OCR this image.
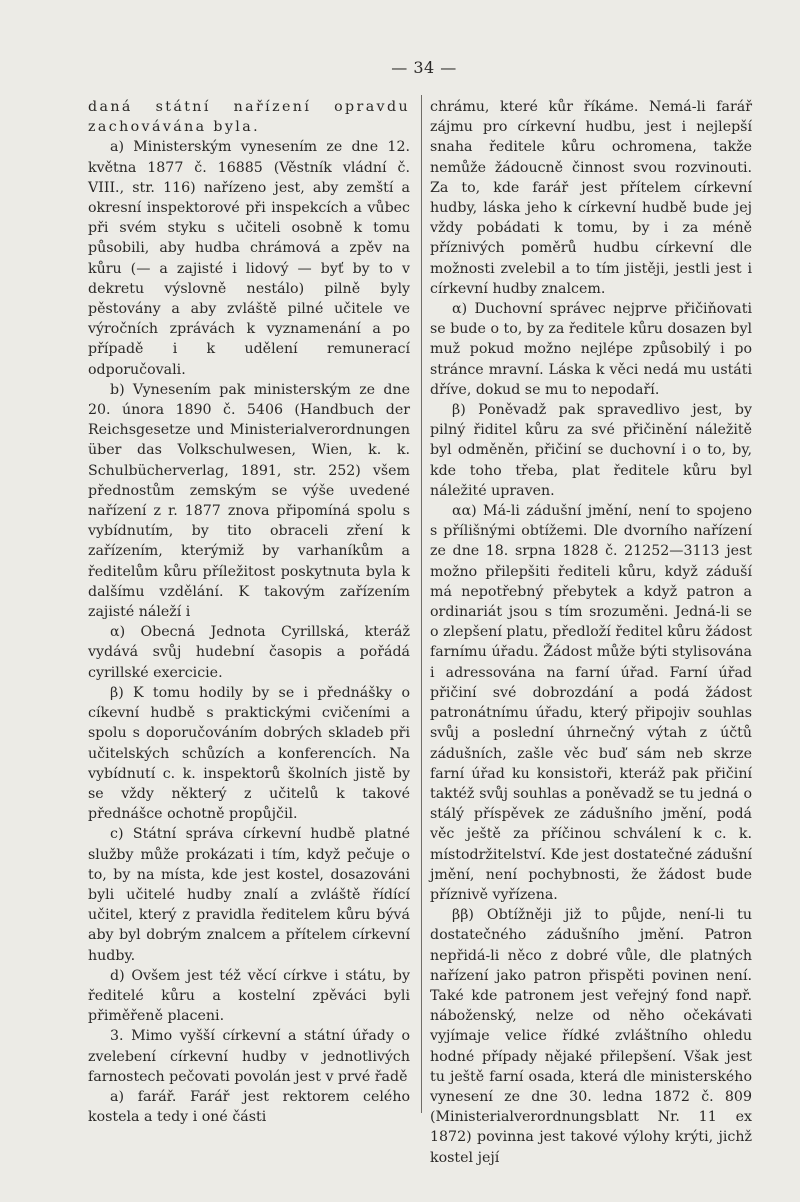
— 34 —

daná státní nařízení opravdu zachovávána byla.

a) Ministerským vynesením ze dne 12. května 1877 č. 16885 (Věstník vládní č. VIII., str. 116) nařízeno jest, aby zemští a okresní inspektorové při inspekcích a vůbec při svém styku s učiteli osobně k tomu působili, aby hudba chrámová a zpěv na kůru (— a zajisté i lidový — byť by to v dekretu výslovně nestálo) pilně byly pěstovány a aby zvláště pilné učitele ve výročních zprávách k vyznamenání a po případě i k udělení remunerací odporučovali.

b) Vynesením pak ministerským ze dne 20. února 1890 č. 5406 (Handbuch der Reichsgesetze und Ministerialverordnungen über das Volkschulwesen, Wien, k. k. Schulbücherverlag, 1891, str. 252) všem přednostům zemským se výše uvedené nařízení z r. 1877 znova připomíná spolu s vybídnutím, by tito obraceli zření k zařízením, kterýmiž by varhaníkům a ředitelům kůru příležitost poskytnuta byla k dalšímu vzdělání. K takovým zařízením zajisté náleží i

α) Obecná Jednota Cyrillská, kteráž vydává svůj hudební časopis a pořádá cyrillské exercicie.

β) K tomu hodily by se i přednášky o cíkevní hudbě s praktickými cvičeními a spolu s doporučováním dobrých skladeb při učitelských schůzích a konferencích. Na vybídnutí c. k. inspektorů školních jistě by se vždy některý z učitelů k takové přednášce ochotně propůjčil.

c) Státní správa církevní hudbě platné služby může prokázati i tím, když pečuje o to, by na místa, kde jest kostel, dosazováni byli učitelé hudby znalí a zvláště řídící učitel, který z pravidla ředitelem kůru bývá aby byl dobrým znalcem a přítelem církevní hudby.

d) Ovšem jest též věcí církve i státu, by ředitelé kůru a kostelní zpěváci byli přiměřeně placeni.

3. Mimo vyšší církevní a státní úřady o zvelebení církevní hudby v jednotlivých farnostech pečovati povolán jest v prvé řadě

a) farář. Farář jest rektorem celého kostela a tedy i oné části

chrámu, které kůr říkáme. Nemá-li farář zájmu pro církevní hudbu, jest i nejlepší snaha ředitele kůru ochromena, takže nemůže žádoucně činnost svou rozvinouti. Za to, kde farář jest přítelem církevní hudby, láska jeho k církevní hudbě bude jej vždy pobádati k tomu, by i za méně příznivých poměrů hudbu církevní dle možnosti zvelebil a to tím jistěji, jestli jest i církevní hudby znalcem.

α) Duchovní správec nejprve přičiňovati se bude o to, by za ředitele kůru dosazen byl muž pokud možno nejlépe způsobilý i po stránce mravní. Láska k věci nedá mu ustáti dříve, dokud se mu to nepodaří.

β) Poněvadž pak spravedlivo jest, by pilný řiditel kůru za své přičinění náležitě byl odměněn, přičiní se duchovní i o to, by, kde toho třeba, plat ředitele kůru byl náležité upraven.

αα) Má-li zádušní jmění, není to spojeno s přílišnými obtížemi. Dle dvorního nařízení ze dne 18. srpna 1828 č. 21252—3113 jest možno přilepšiti řediteli kůru, když záduší má nepotřebný přebytek a když patron a ordinariát jsou s tím srozuměni. Jedná-li se o zlepšení platu, předloží ředitel kůru žádost farnímu úřadu. Žádost může býti stylisována i adressována na farní úřad. Farní úřad přičiní své dobrozdání a podá žádost patronátnímu úřadu, který připojiv souhlas svůj a poslední úhrnečný výtah z účtů zádušních, zašle věc buď sám neb skrze farní úřad ku konsistoři, kteráž pak přičiní taktéž svůj souhlas a poněvadž se tu jedná o stálý příspěvek ze zádušního jmění, podá věc ještě za příčinou schválení k c. k. místodržitelství. Kde jest dostatečné zádušní jmění, není pochybnosti, že žádost bude příznivě vyřízena.

ββ) Obtížněji již to půjde, není-li tu dostatečného zádušního jmění. Patron nepřidá-li něco z dobré vůle, dle platných nařízení jako patron přispěti povinen není. Také kde patronem jest veřejný fond např. náboženský, nelze od něho očekávati vyjímaje velice řídké zvláštního ohledu hodné případy nějaké přilepšení. Však jest tu ještě farní osada, která dle ministerského vynesení ze dne 30. ledna 1872 č. 809 (Ministerialverordnungsblatt Nr. 11 ex 1872) povinna jest takové výlohy krýti, jichž kostel její
